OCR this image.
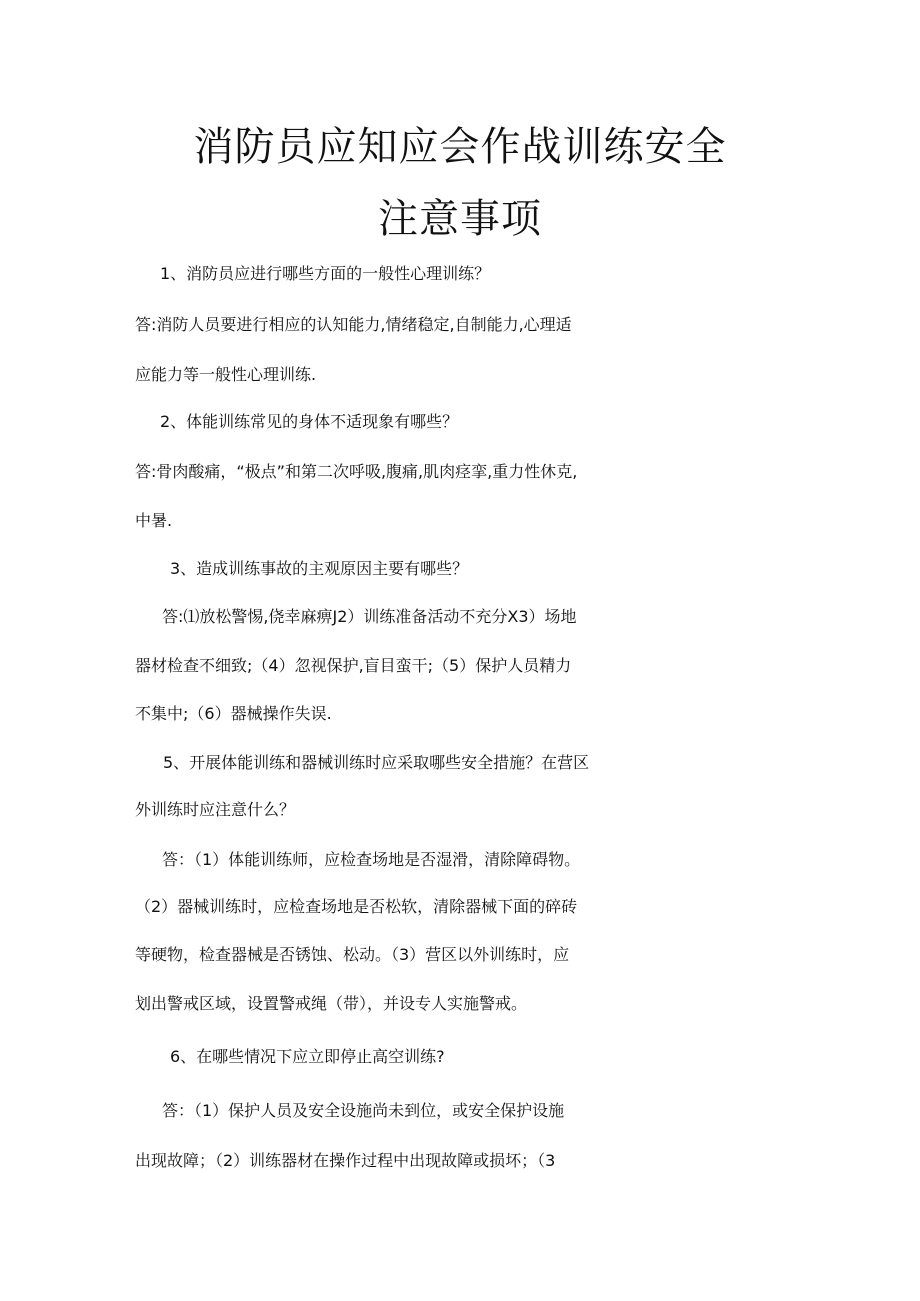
消防员应知应会作战训练安全
注意事项

1、消防员应进行哪些方面的一般性心理训练？

答:消防人员要进行相应的认知能力,情绪稳定,自制能力,心理适

应能力等一般性心理训练.

2、体能训练常见的身体不适现象有哪些？

答:骨肉酸痛，“极点”和第二次呼吸,腹痛,肌肉痉挛,重力性休克,

中暑.

3、造成训练事故的主观原因主要有哪些？

答:⑴放松警惕,侥幸麻痹J2）训练准备活动不充分X3）场地

器材检查不细致;（4）忽视保护,盲目蛮干;（5）保护人员精力

不集中;（6）器械操作失误.

5、开展体能训练和器械训练时应采取哪些安全措施？在营区

外训练时应注意什么？

答：（1）体能训练师，应检查场地是否湿滑，清除障碍物。

（2）器械训练时，应检查场地是否松软，清除器械下面的碎砖

等硬物，检查器械是否锈蚀、松动。（3）营区以外训练时，应

划出警戒区域，设置警戒绳（带），并设专人实施警戒。

6、在哪些情况下应立即停止高空训练?

答：（1）保护人员及安全设施尚未到位，或安全保护设施

出现故障；（2）训练器材在操作过程中出现故障或损坏；（3
